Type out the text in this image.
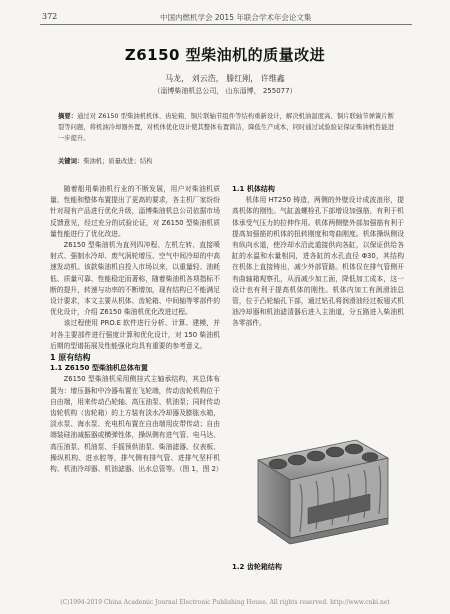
372	中国内燃机学会 2015 年联合学术年会论文集
Z6150 型柴油机的质量改进
马龙， 刘云浩， 滕红刚， 许维鑫
（淄博柴油机总公司， 山东淄博， 255077）
摘要：通过对 Z6150 型柴油机机体、齿轮箱、铜片联轴节组件等结构重新设计，解决机油温度高、铜片联轴节弹簧片断裂等问题，将机油冷却器外置，对机体优化设计使其整体布置简洁，降低生产成本，同时通过试验验证保证柴油机性能进一步提升。
关键词：柴油机；质量改进；结构

随着船用柴油机行业的不断发展，用户对柴油机质量、性能和整体布置提出了更高的要求，各主机厂家纷纷针对现有产品进行优化升级，淄博柴油机总公司依据市场反馈意见，经过充分的试验论证，对 Z6150 型柴油机质量性能进行了优化改进。

Z6150 型柴油机为直列四冲程、左机左转、直接喷射式、强制水冷却、废气涡轮增压、空气中间冷却的中高速发动机。该款柴油机自投入市场以来，以重量轻、油耗低、质量可靠、性能稳定而著称，随着柴油机各项指标不断的提升，转速与功率的不断增加，现有结构已不能满足设计要求，本文主要从机体、齿轮箱、中间轴等零部件的优化设计，介绍 Z6150 柴油机优化改进过程。

该过程使用 PRO.E 软件进行分析、计算、建模，并对各主要部件进行强度计算和优化设计，对 150 柴油机后期的型谱拓展及性能强化均具有重要的参考意义。

1 原有结构

1.1 Z6150 型柴油机总体布置

Z6150 型柴油机采用侧挂式主轴承结构，其总体布置为：增压器和中冷器布置在飞轮端，传动齿轮机构位于自由端，用来传动凸轮轴、高压油泵、机油泵；同时传动齿轮机构（齿轮箱）的上方装有淡水冷却器及膨胀水箱，淡水泵、海水泵、充电机布置在自由端用皮带传动；自由端装硅油减振器或横弹性体，操纵侧有进气管、电马达、高压油泵、机油泵、手摇预供油泵、柴油滤器、仪表板、操纵机构、进水腔等，排气侧有排气管、进排气坚杆机构、机油冷却器、机油滤器、出水总管等。（图 1，图 2）

1.1 机体结构

机体用 HT250 铸造，两侧的外壁设计成波浪形，提高机体的刚性。气缸盖螺栓孔下部增设加强筋，有利于机体承受气压力的拉伸作用。机体两侧壁外部加强筋有利于提高加强筋的机体的扭转刚度和弯曲刚度。机体操纵侧设有纵向水道，使冷却水沿此道接供向各缸，以保证供给各缸的水温和水量相同，进各缸的水孔直径 Φ30，其结构在机体上直接铸出，减少外部管路。机体仅在排气管侧开有曲轴箱观察孔，从而减少加工面，降低加工成本，这一设计也有利于提高机体的刚性。机体内加工有润滑油总管，位于凸轮轴孔下部，通过钻孔将润滑油经过板翅式机油冷却器和机油滤清器后进入主油道，分五路进入柴油机各零部件。

1.2 齿轮箱结构

(C)1994-2019 China Academic Journal Electronic Publishing House. All rights reserved. http://www.cnki.net
